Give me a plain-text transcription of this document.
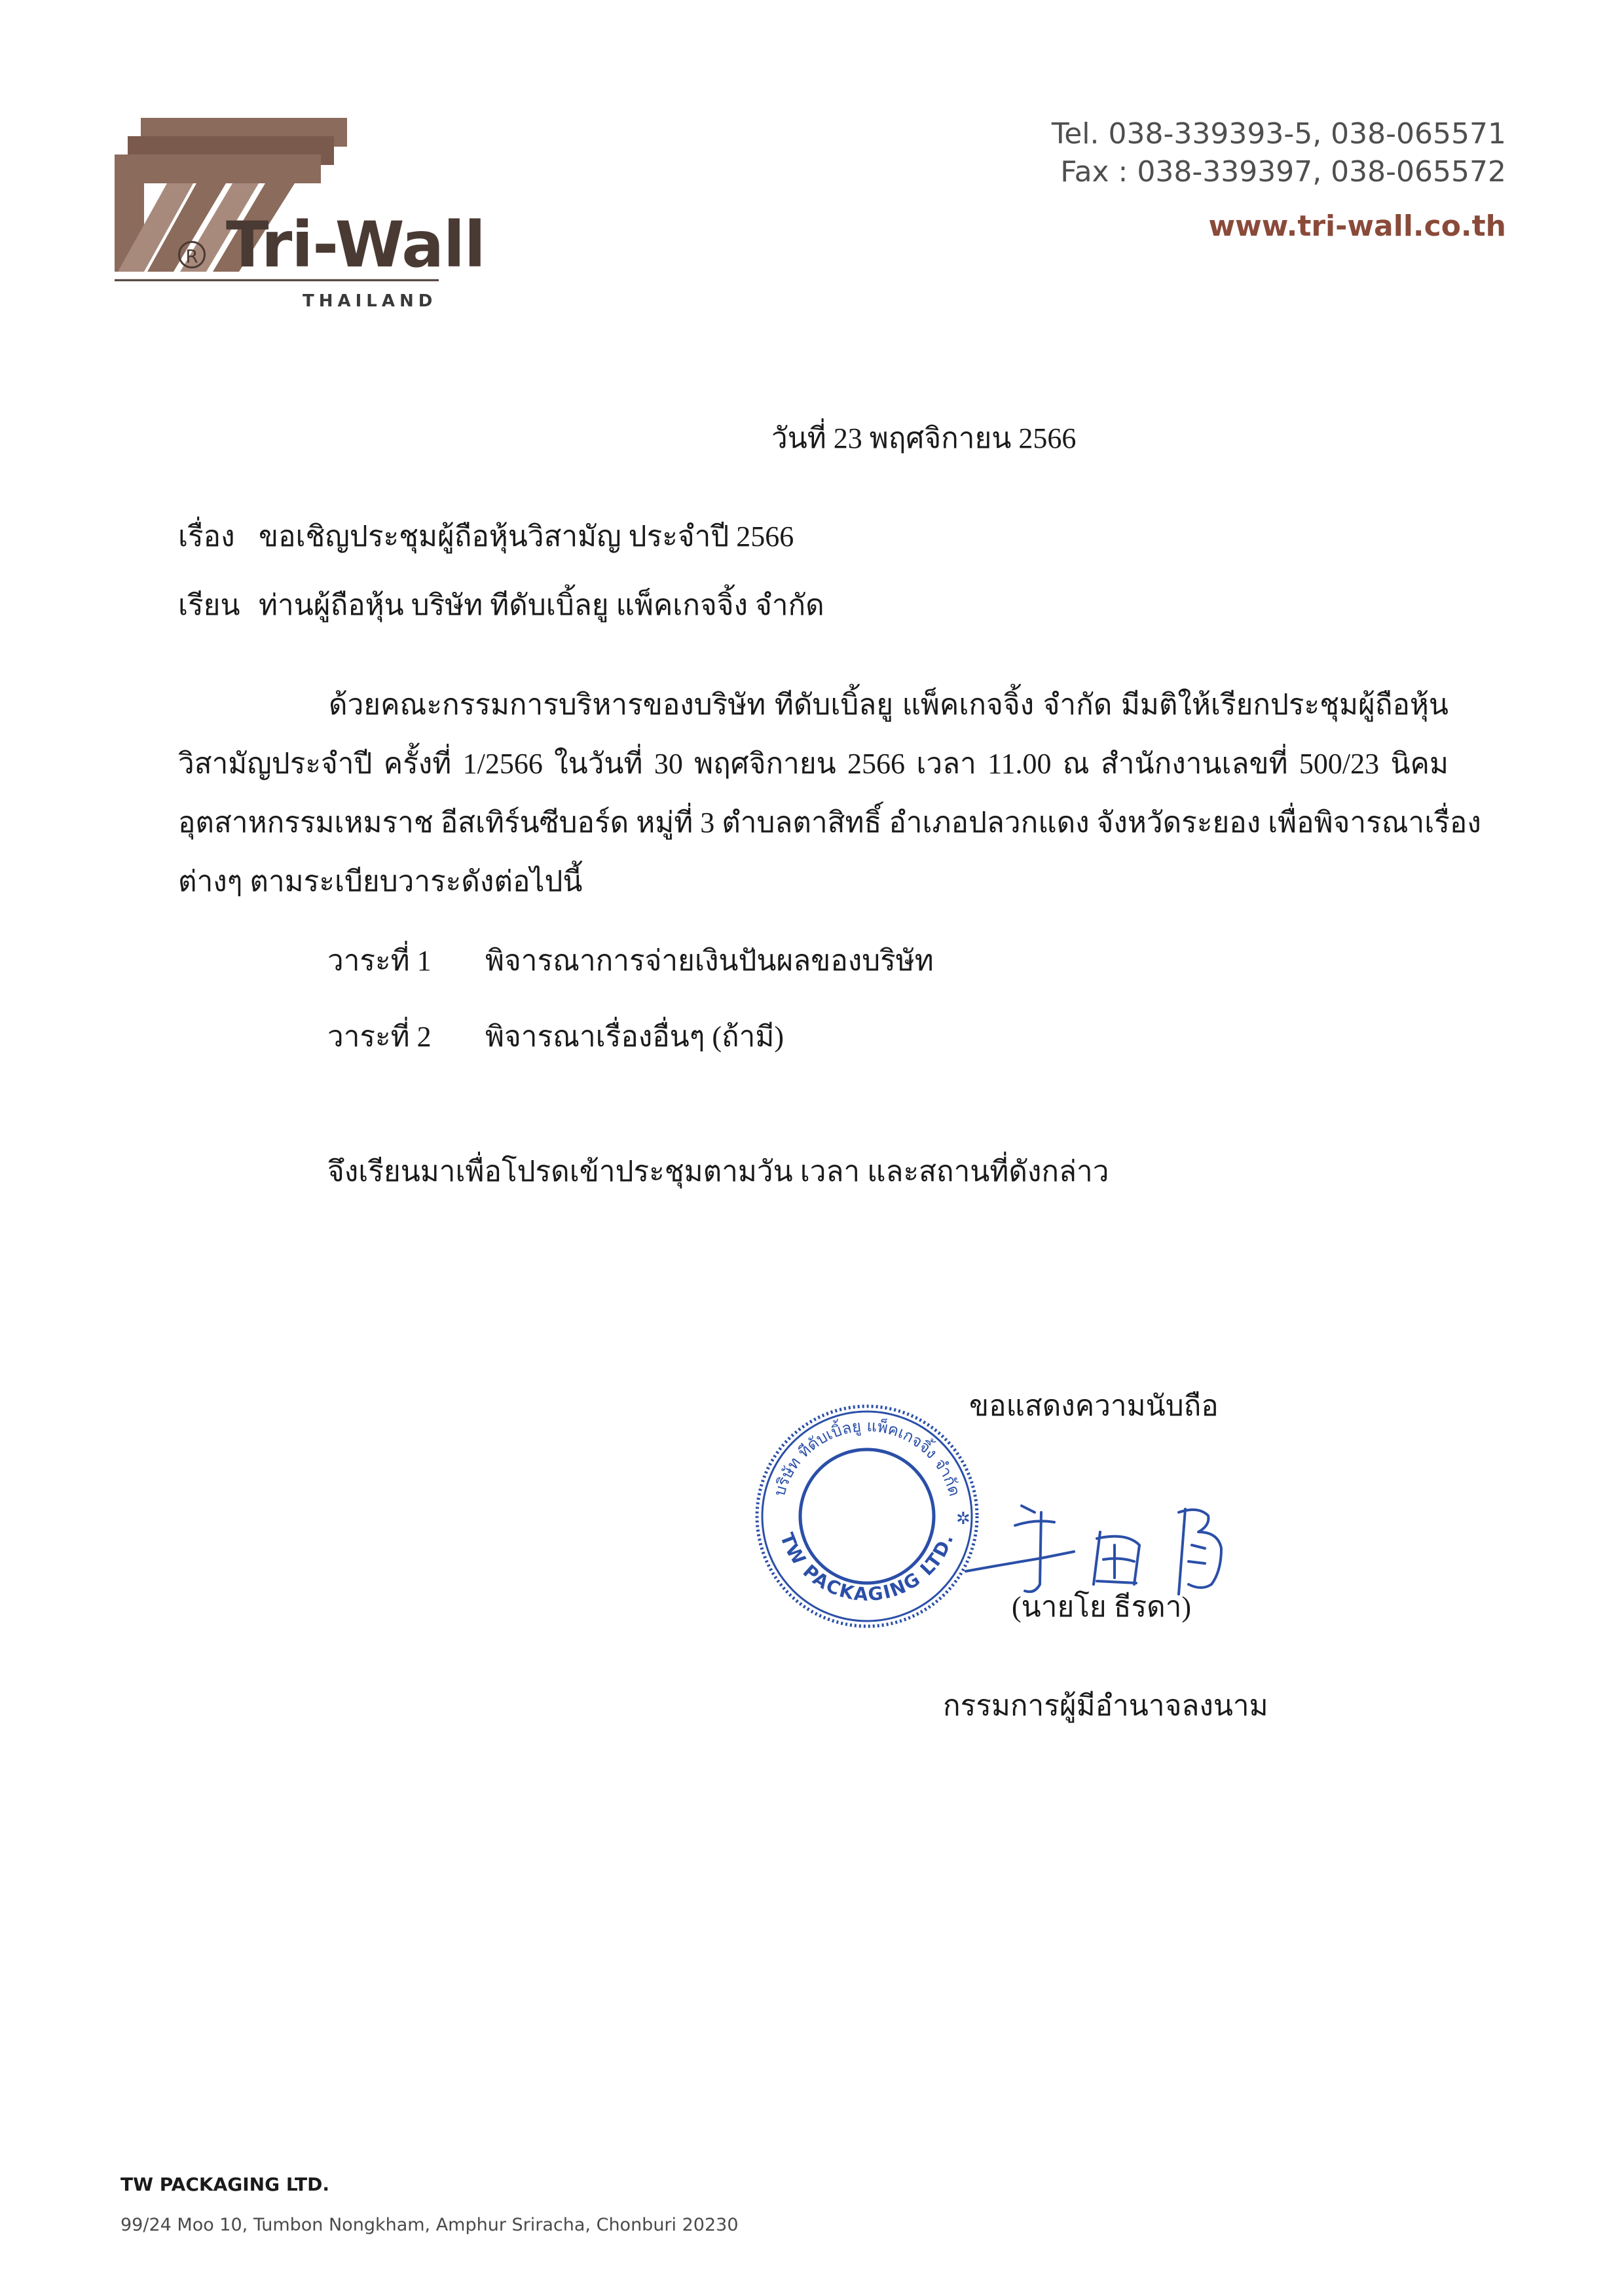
R Tri-Wall
THAILAND
Tel. 038-339393-5, 038-065571
Fax : 038-339397, 038-065572
www.tri-wall.co.th
วันที่ 23 พฤศจิกายน 2566
เรื่อง ขอเชิญประชุมผู้ถือหุ้นวิสามัญ ประจำปี 2566
เรียน ท่านผู้ถือหุ้น บริษัท ทีดับเบิ้ลยู แพ็คเกจจิ้ง จำกัด
ด้วยคณะกรรมการบริหารของบริษัท ทีดับเบิ้ลยู แพ็คเกจจิ้ง จำกัด มีมติให้เรียกประชุมผู้ถือหุ้น
วิสามัญประจำปี ครั้งที่ 1/2566 ในวันที่ 30 พฤศจิกายน 2566 เวลา 11.00 ณ สำนักงานเลขที่ 500/23 นิคม
อุตสาหกรรมเหมราช อีสเทิร์นซีบอร์ด หมู่ที่ 3 ตำบลตาสิทธิ์ อำเภอปลวกแดง จังหวัดระยอง เพื่อพิจารณาเรื่อง
ต่างๆ ตามระเบียบวาระดังต่อไปนี้
วาระที่ 1 พิจารณาการจ่ายเงินปันผลของบริษัท
วาระที่ 2 พิจารณาเรื่องอื่นๆ (ถ้ามี)
จึงเรียนมาเพื่อโปรดเข้าประชุมตามวัน เวลา และสถานที่ดังกล่าว
ขอแสดงความนับถือ
บริษัท ทีดับเบิ้ลยู แพ็คเกจจิ้ง จำกัด
TW PACKAGING LTD.
✲
(นายโย ธีรดา)
กรรมการผู้มีอำนาจลงนาม
TW PACKAGING LTD.
99/24 Moo 10, Tumbon Nongkham, Amphur Sriracha, Chonburi 20230
